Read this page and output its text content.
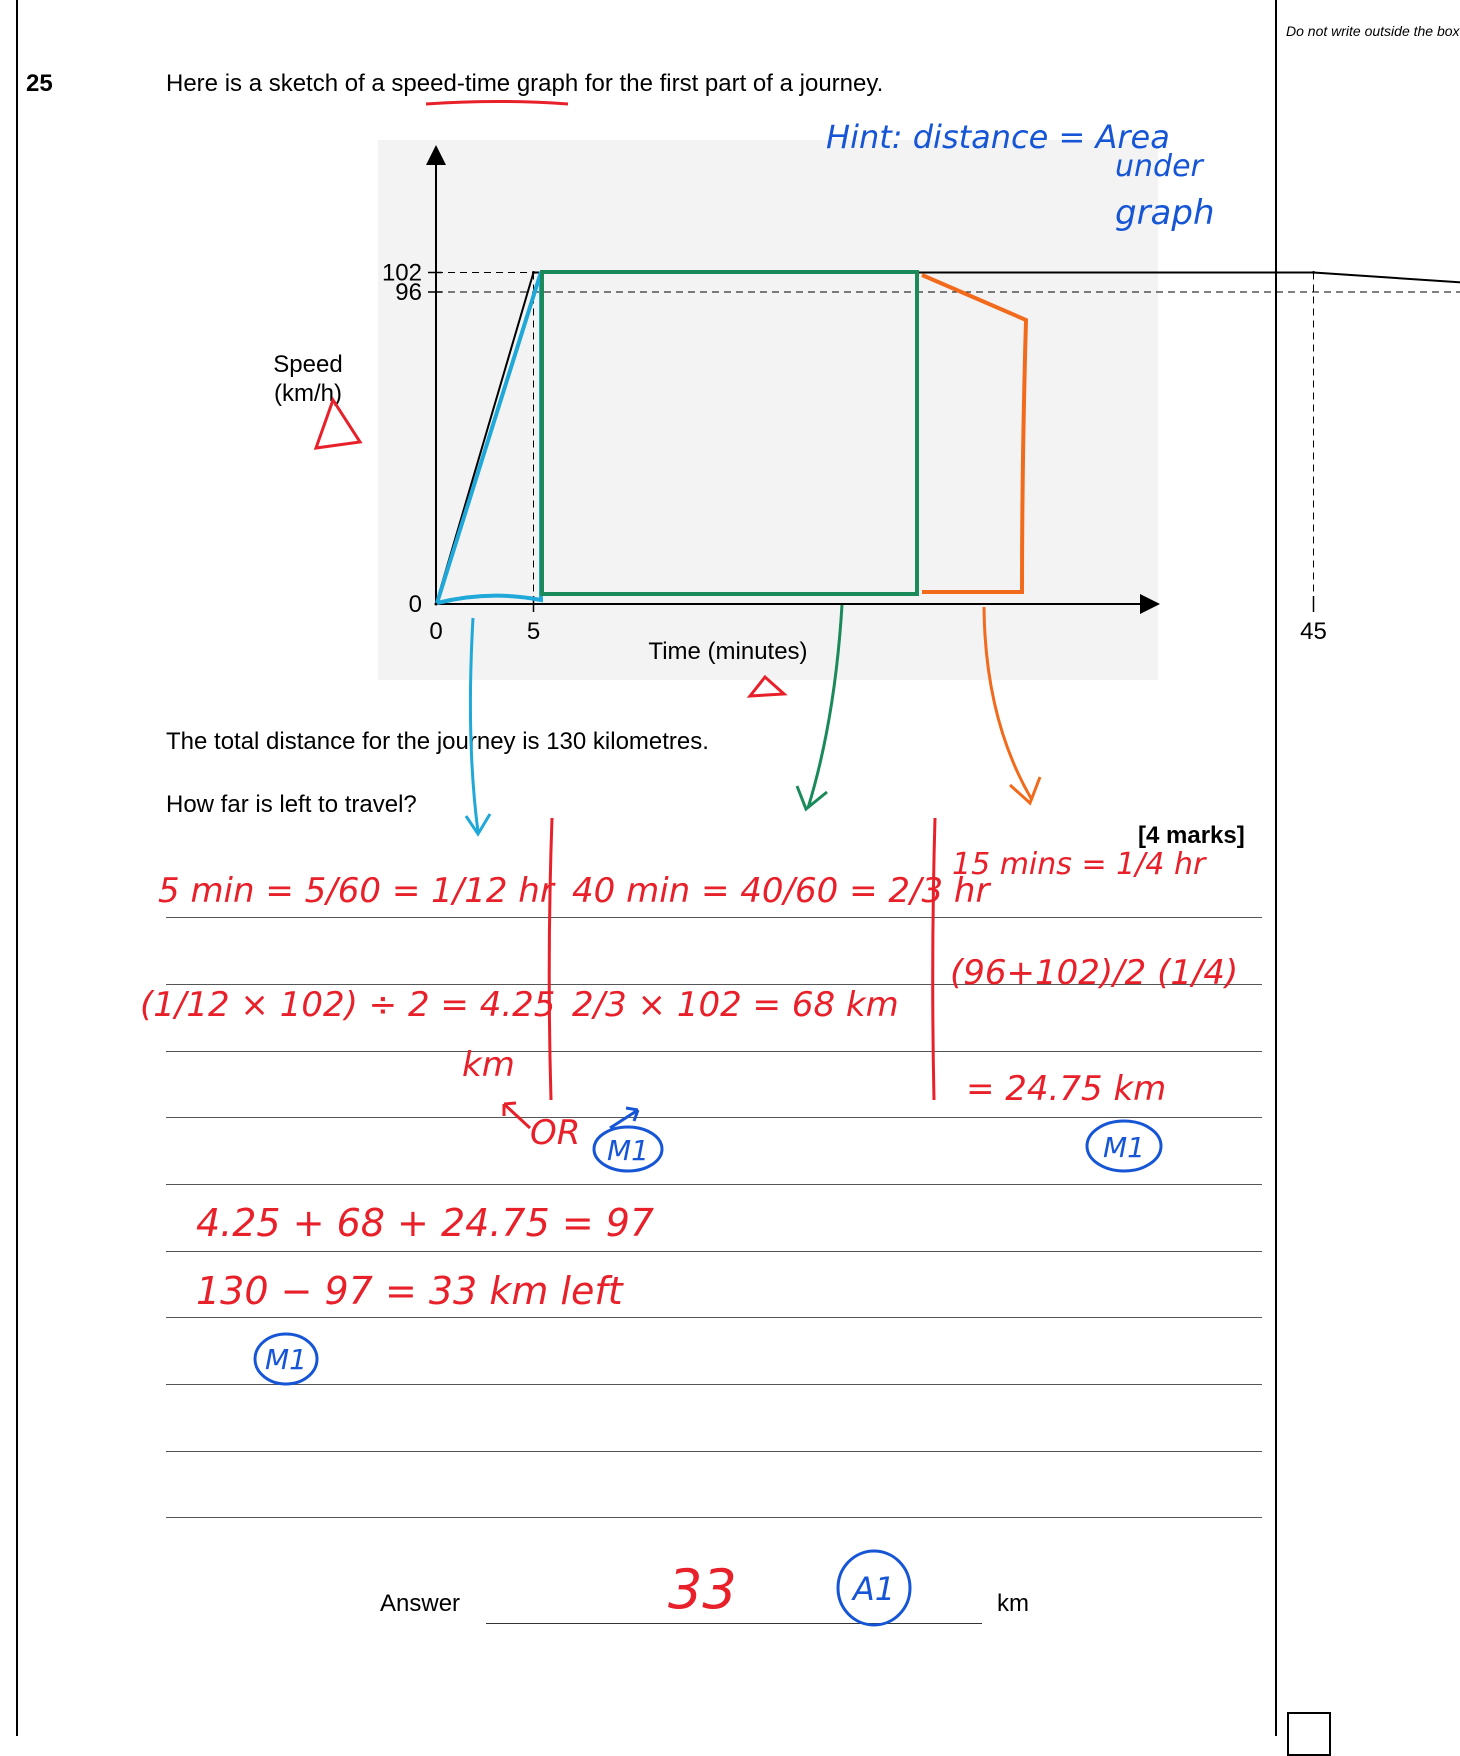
Do not write outside the box
25	Here is a sketch of a speed-time graph for the first part of a journey.
The total distance for the journey is 130 kilometres.
How far is left to travel?
[4 marks]
Answer	km
0
96
102
0	5	45
Speed
(km/h)
Time (minutes)
Hint: distance = Area
under
graph
5 min = 5/60 = 1/12 hr
(1/12 × 102) ÷ 2 = 4.25
km
40 min = 40/60 = 2/3 hr
2/3 × 102 = 68 km
15 mins = 1/4 hr
(96+102)/2 (1/4)
= 24.75 km
OR
4.25 + 68 + 24.75 = 97
130 − 97 = 33 km left
33
M1	M1
M1
A1
